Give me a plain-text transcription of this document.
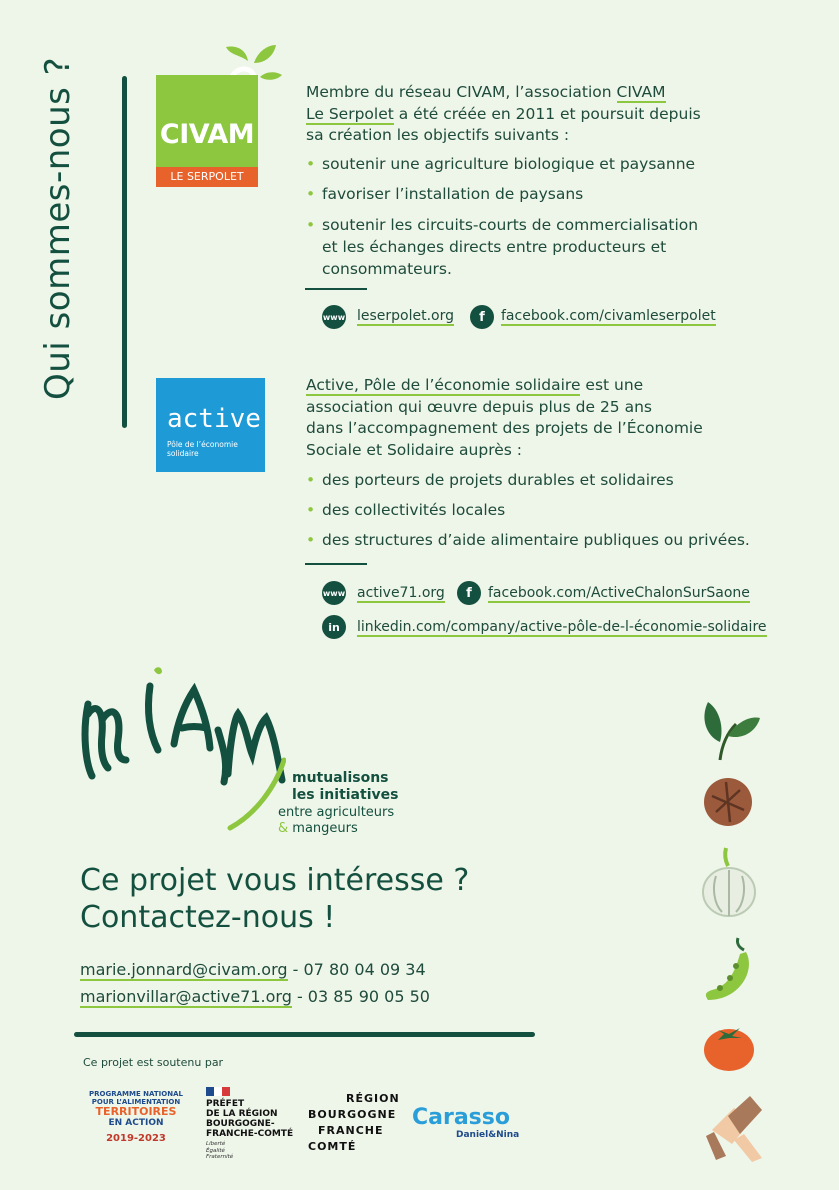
Qui sommes-nous ?	CIVAM
LE SERPOLET
Membre du réseau CIVAM, l’association CIVAM
Le Serpolet a été créée en 2011 et poursuit depuis
sa création les objectifs suivants :
• soutenir une agriculture biologique et paysanne
• favoriser l’installation de paysans
• soutenir les circuits-courts de commercialisation
et les échanges directs entre producteurs et
consommateurs.
www leserpolet.org	f	facebook.com/civamleserpolet
active
Pôle de l’économie
solidaire
Active, Pôle de l’économie solidaire est une
association qui œuvre depuis plus de 25 ans
dans l’accompagnement des projets de l’Économie
Sociale et Solidaire auprès :
• des porteurs de projets durables et solidaires
• des collectivités locales
• des structures d’aide alimentaire publiques ou privées.
www active71.org	f	facebook.com/ActiveChalonSurSaone
in	linkedin.com/company/active-pôle-de-l-économie-solidaire
mutualisons
les initiatives
entre agriculteurs
& mangeurs
Ce projet vous intéresse ?
Contactez-nous !
marie.jonnard@civam.org - 07 80 04 09 34
marionvillar@active71.org - 03 85 90 05 50
Ce projet est soutenu par
PROGRAMME NATIONAL
POUR L’ALIMENTATION
TERRITOIRES
EN ACTION
2019-2023
PRÉFET
DE LA RÉGION
BOURGOGNE-
FRANCHE-COMTÉ
Liberté
Égalité
Fraternité
RÉGION
BOURGOGNE
FRANCHE
COMTÉ
Carasso
Daniel&Nina
